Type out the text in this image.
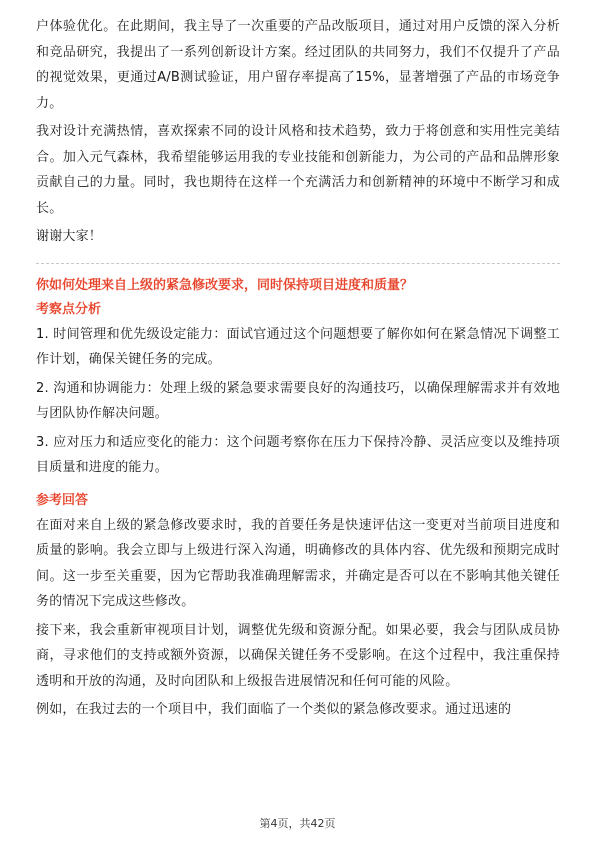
户体验优化。在此期间，我主导了一次重要的产品改版项目，通过对用户反馈的深入分析和竞品研究，我提出了一系列创新设计方案。经过团队的共同努力，我们不仅提升了产品的视觉效果，更通过A/B测试验证，用户留存率提高了15%，显著增强了产品的市场竞争力。

我对设计充满热情，喜欢探索不同的设计风格和技术趋势，致力于将创意和实用性完美结合。加入元气森林，我希望能够运用我的专业技能和创新能力，为公司的产品和品牌形象贡献自己的力量。同时，我也期待在这样一个充满活力和创新精神的环境中不断学习和成长。

谢谢大家！

你如何处理来自上级的紧急修改要求，同时保持项目进度和质量？
考察点分析

1. 时间管理和优先级设定能力：面试官通过这个问题想要了解你如何在紧急情况下调整工作计划，确保关键任务的完成。

2. 沟通和协调能力：处理上级的紧急要求需要良好的沟通技巧，以确保理解需求并有效地与团队协作解决问题。

3. 应对压力和适应变化的能力：这个问题考察你在压力下保持冷静、灵活应变以及维持项目质量和进度的能力。

参考回答

在面对来自上级的紧急修改要求时，我的首要任务是快速评估这一变更对当前项目进度和质量的影响。我会立即与上级进行深入沟通，明确修改的具体内容、优先级和预期完成时间。这一步至关重要，因为它帮助我准确理解需求，并确定是否可以在不影响其他关键任务的情况下完成这些修改。

接下来，我会重新审视项目计划，调整优先级和资源分配。如果必要，我会与团队成员协商，寻求他们的支持或额外资源，以确保关键任务不受影响。在这个过程中，我注重保持透明和开放的沟通，及时向团队和上级报告进展情况和任何可能的风险。

例如，在我过去的一个项目中，我们面临了一个类似的紧急修改要求。通过迅速的

第4页，共42页
